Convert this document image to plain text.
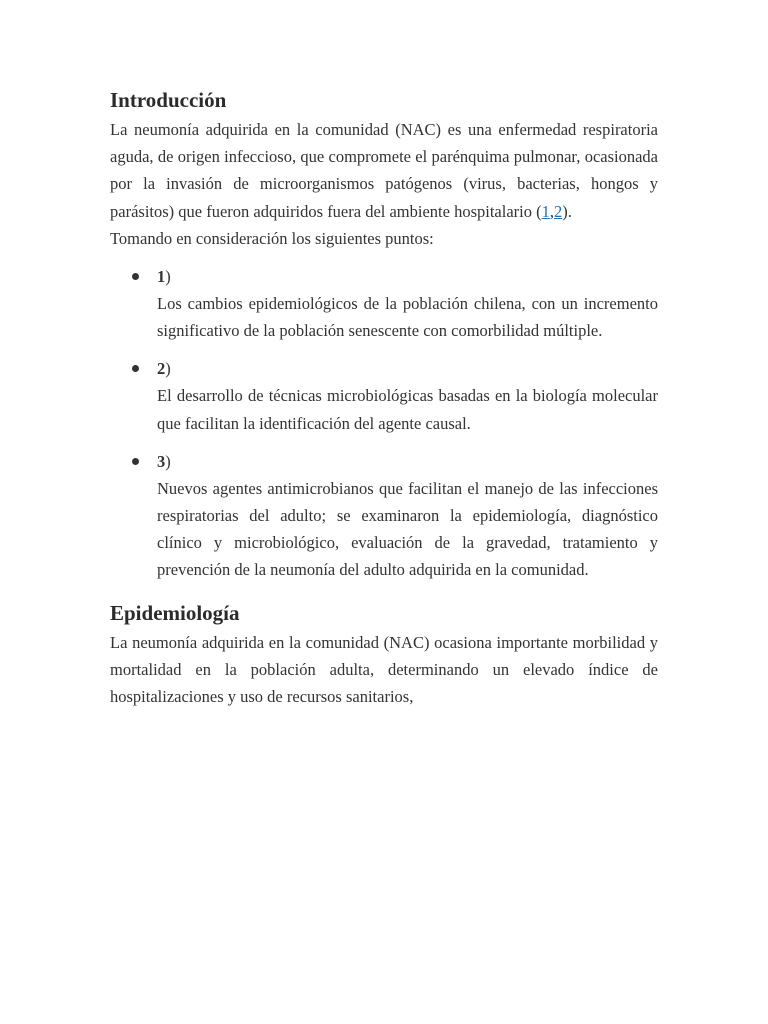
Introducción

La neumonía adquirida en la comunidad (NAC) es una enfermedad respiratoria aguda, de origen infeccioso, que compromete el parénquima pulmonar, ocasionada por la invasión de microorganismos patógenos (virus, bacterias, hongos y parásitos) que fueron adquiridos fuera del ambiente hospitalario (1,2).

Tomando en consideración los siguientes puntos:

1)

Los cambios epidemiológicos de la población chilena, con un incremento significativo de la población senescente con comorbilidad múltiple.

2)

El desarrollo de técnicas microbiológicas basadas en la biología molecular que facilitan la identificación del agente causal.

3)

Nuevos agentes antimicrobianos que facilitan el manejo de las infecciones respiratorias del adulto; se examinaron la epidemiología, diagnóstico clínico y microbiológico, evaluación de la gravedad, tratamiento y prevención de la neumonía del adulto adquirida en la comunidad.

Epidemiología

La neumonía adquirida en la comunidad (NAC) ocasiona importante morbilidad y mortalidad en la población adulta, determinando un elevado índice de hospitalizaciones y uso de recursos sanitarios,
